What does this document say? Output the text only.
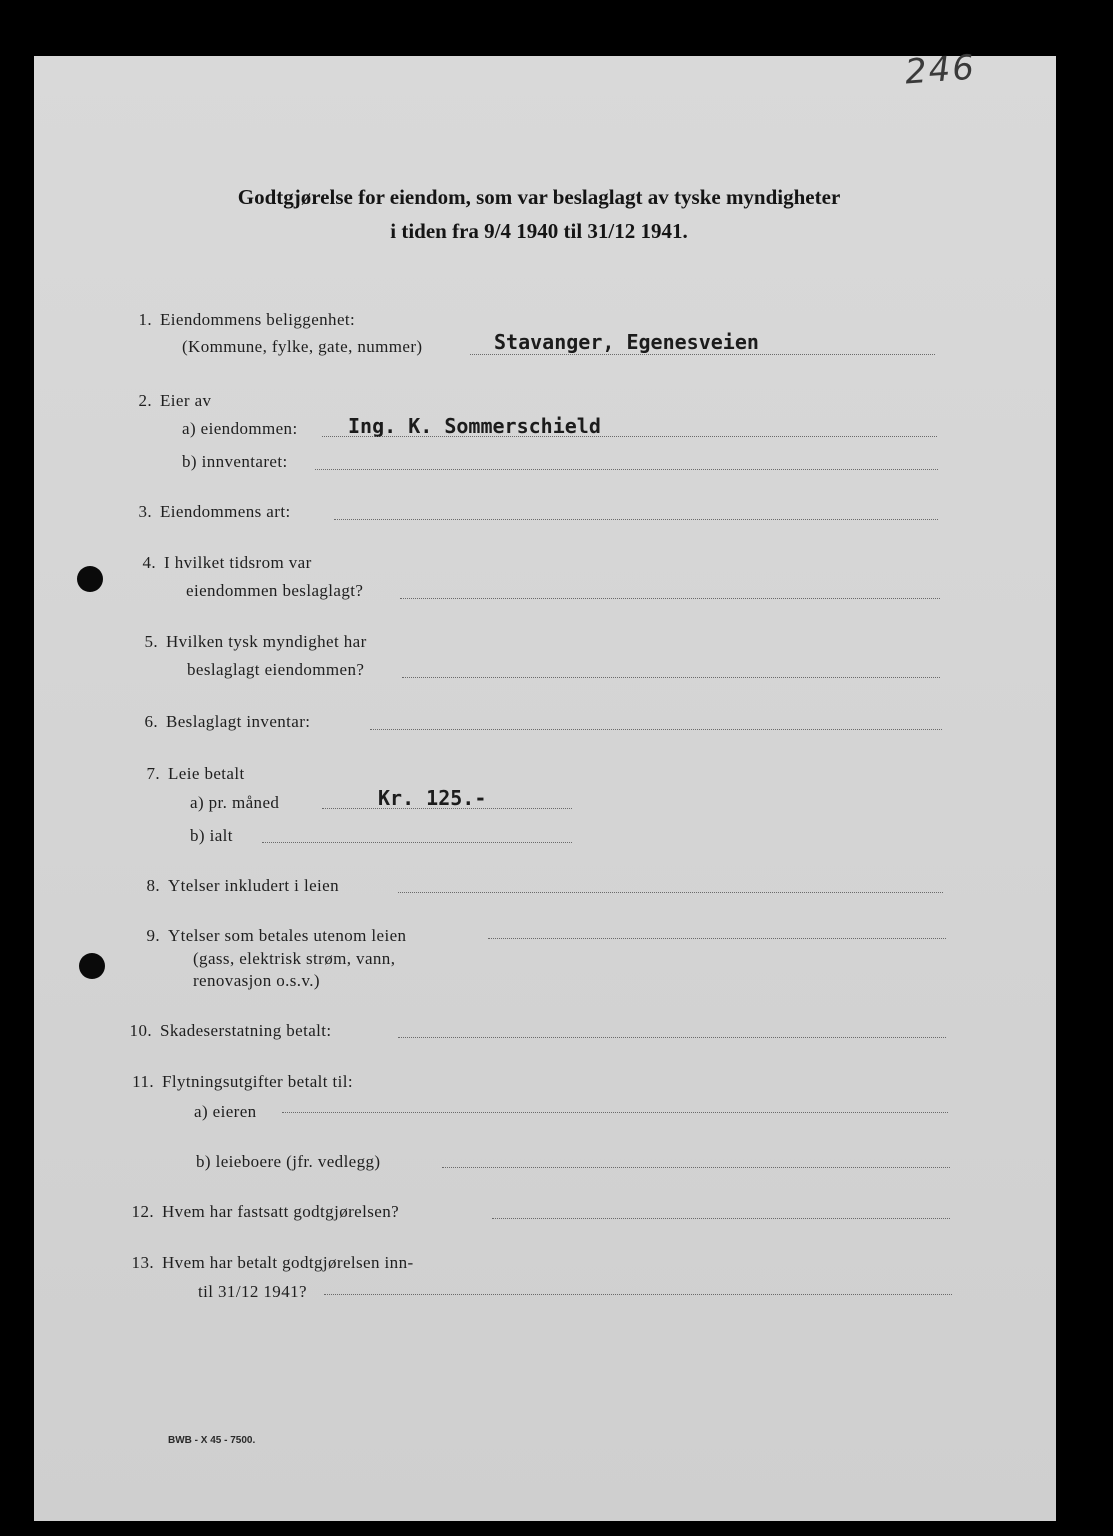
246
Godtgjørelse for eiendom, som var beslaglagt av tyske myndigheter
i tiden fra 9/4 1940 til 31/12 1941.
1. Eiendommens beliggenhet:
(Kommune, fylke, gate, nummer)	Stavanger, Egenesveien
2. Eier av
a) eiendommen:	Ing. K. Sommerschield
b) innventaret:
3. Eiendommens art:
4. I hvilket tidsrom var
eiendommen beslaglagt?
5. Hvilken tysk myndighet har
beslaglagt eiendommen?
6. Beslaglagt inventar:
7. Leie betalt
a) pr. måned	Kr. 125.-
b) ialt
8. Ytelser inkludert i leien
9. Ytelser som betales utenom leien
(gass, elektrisk strøm, vann,
renovasjon o.s.v.)
10. Skadeserstatning betalt:
11. Flytningsutgifter betalt til:
a) eieren
b) leieboere (jfr. vedlegg)
12. Hvem har fastsatt godtgjørelsen?
13. Hvem har betalt godtgjørelsen inn-
til 31/12 1941?
BWB - X 45 - 7500.
